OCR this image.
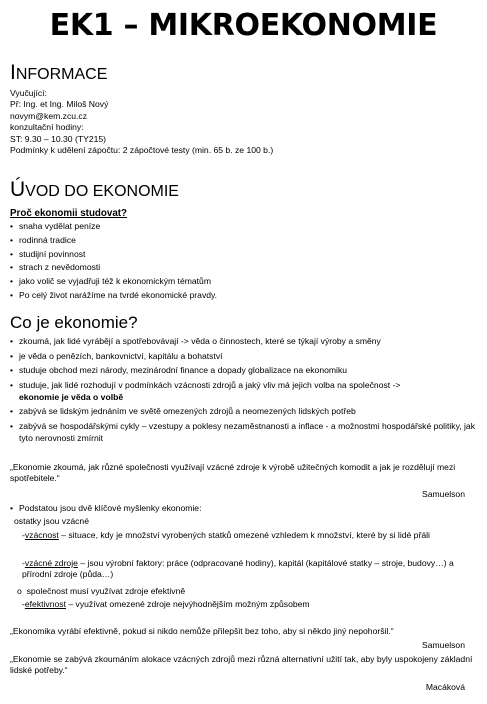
EK1 – MIKROEKONOMIE
INFORMACE
Vyučující:
Př: Ing. et Ing. Miloš Nový
novym@kem.zcu.cz
konzultační hodiny:
ST: 9.30 – 10.30 (TY215)
Podmínky k udělení zápočtu: 2 zápočtové testy (min. 65 b. ze 100 b.)
ÚVOD DO EKONOMIE
Proč ekonomii studovat?
• snaha vydělat peníze
• rodinná tradice
• studijní povinnost
• strach z nevědomosti
• jako volič se vyjadřuji též k ekonomickým tématům
• Po celý život narážíme na tvrdé ekonomické pravdy.
Co je ekonomie?
• zkoumá, jak lidé vyrábějí a spotřebovávají -> věda o činnostech, které se týkají výroby a směny
• je věda o penězích, bankovnictví, kapitálu a bohatství
• studuje obchod mezi národy, mezinárodní finance a dopady globalizace na ekonomiku
• studuje, jak lidé rozhodují v podmínkách vzácnosti zdrojů a jaký vliv má jejich volba na společnost ->
ekonomie je věda o volbě
• zabývá se lidským jednáním ve světě omezených zdrojů a neomezených lidských potřeb
• zabývá se hospodářskými cykly – vzestupy a poklesy nezaměstnanosti a inflace - a možnostmi hospodářské politiky, jak tyto nerovnosti zmírnit
„Ekonomie zkoumá, jak různé společnosti využívají vzácné zdroje k výrobě užitečných komodit a jak je rozdělují mezi spotřebitele.“
Samuelson
• Podstatou jsou dvě klíčové myšlenky ekonomie:
ostatky jsou vzácné
-vzácnost – situace, kdy je množství vyrobených statků omezené vzhledem k množství, které by si lidé přáli
-vzácné zdroje – jsou výrobní faktory: práce (odpracované hodiny), kapitál (kapitálové statky – stroje, budovy…) a přírodní zdroje (půda…)
o společnost musí využívat zdroje efektivně
-efektivnost – využívat omezené zdroje nejvýhodnějším možným způsobem
„Ekonomika vyrábí efektivně, pokud si nikdo nemůže přilepšit bez toho, aby si někdo jiný nepohoršil.“
Samuelson
„Ekonomie se zabývá zkoumáním alokace vzácných zdrojů mezi různá alternativní užití tak, aby byly uspokojeny základní lidské potřeby.“
Macáková
